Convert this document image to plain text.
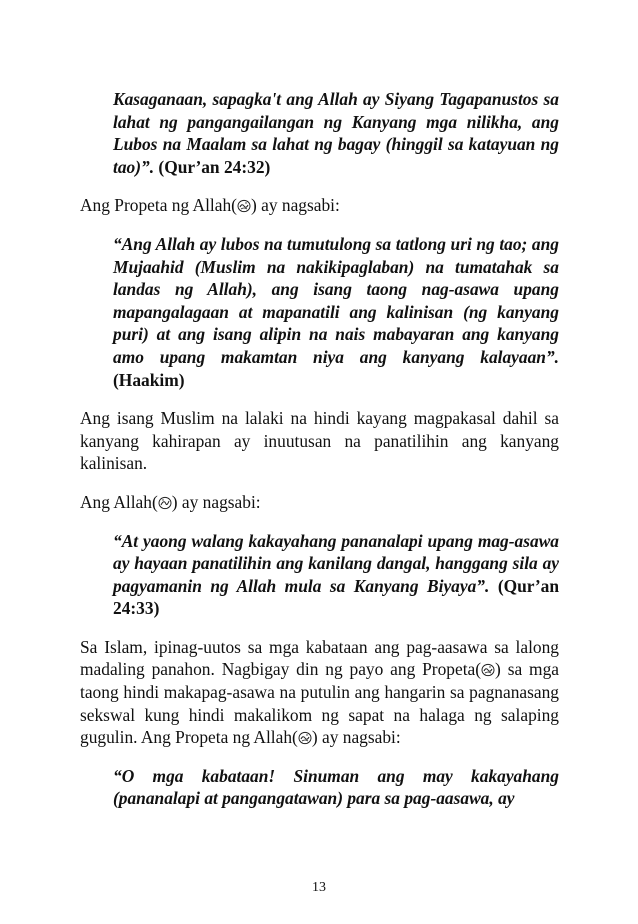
Kasaganaan, sapagka't ang Allah ay Siyang Tagapanustos sa lahat ng pangangailangan ng Kanyang mga nilikha, ang Lubos na Maalam sa lahat ng bagay (hinggil sa katayuan ng tao)”. (Qur’an 24:32)

Ang Propeta ng Allah( ) ay nagsabi:

“Ang Allah ay lubos na tumutulong sa tatlong uri ng tao; ang Mujaahid (Muslim na nakikipaglaban) na tumatahak sa landas ng Allah), ang isang taong nag-asawa upang mapangalagaan at mapanatili ang kalinisan (ng kanyang puri) at ang isang alipin na nais mabayaran ang kanyang amo upang makamtan niya ang kanyang kalayaan”. (Haakim)

Ang isang Muslim na lalaki na hindi kayang magpakasal dahil sa kanyang kahirapan ay inuutusan na panatilihin ang kanyang kalinisan.

Ang Allah( ) ay nagsabi:

“At yaong walang kakayahang pananalapi upang mag-asawa ay hayaan panatilihin ang kanilang dangal, hanggang sila ay pagyamanin ng Allah mula sa Kanyang Biyaya”. (Qur’an 24:33)

Sa Islam, ipinag-uutos sa mga kabataan ang pag-aasawa sa lalong madaling panahon. Nagbigay din ng payo ang Propeta( ) sa mga taong hindi makapag-asawa na putulin ang hangarin sa pagnanasang sekswal kung hindi makalikom ng sapat na halaga ng salaping gugulin. Ang Propeta ng Allah( ) ay nagsabi:

“O mga kabataan! Sinuman ang may kakayahang (pananalapi at pangangatawan) para sa pag-aasawa, ay

13
